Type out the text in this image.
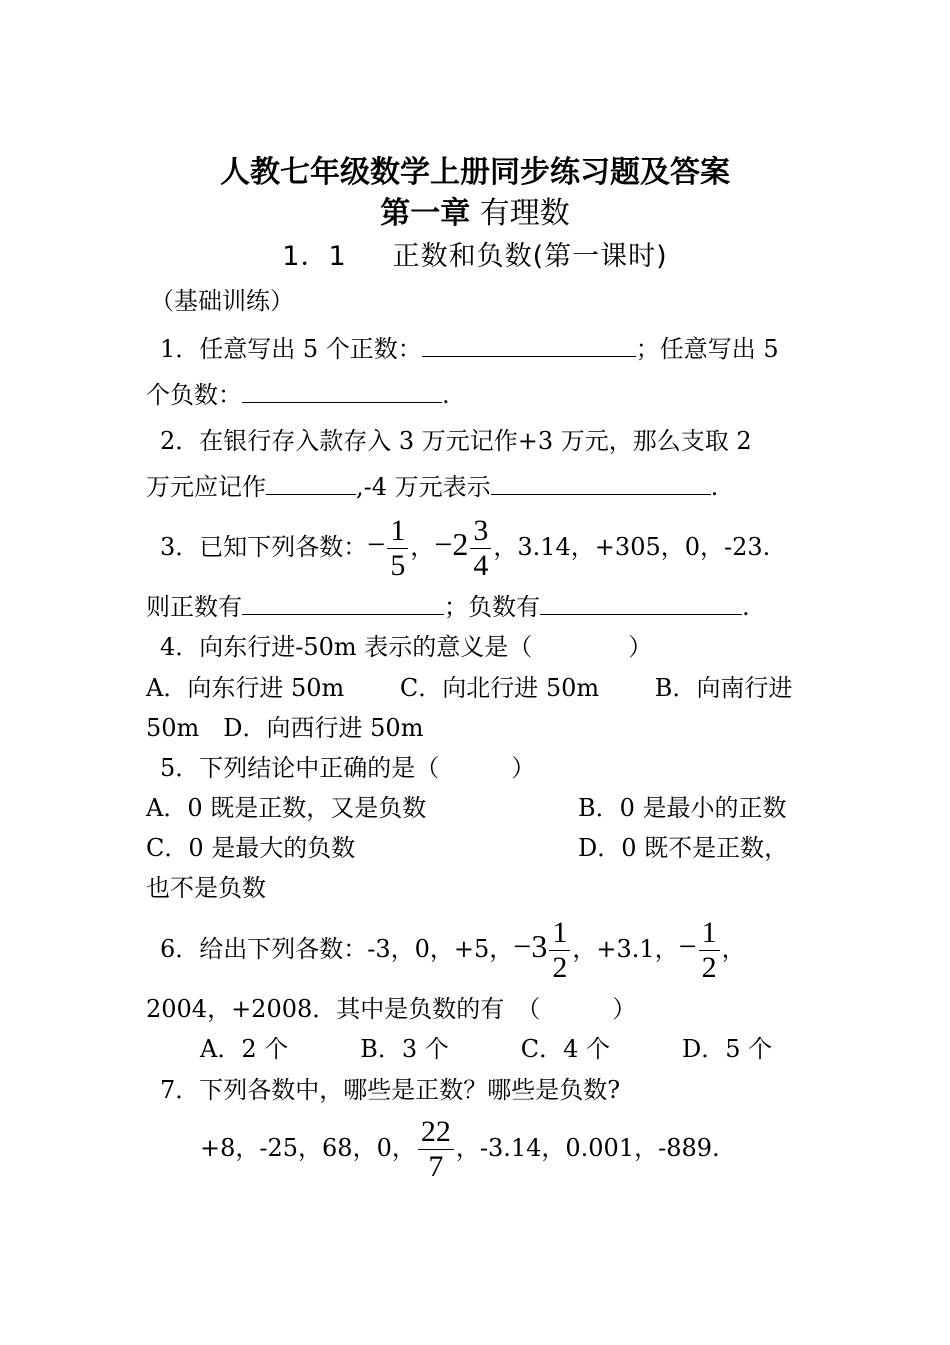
人教七年级数学上册同步练习题及答案
第一章 有理数
1．1 正数和负数(第一课时)
（基础训练）
1．任意写出 5 个正数：	；任意写出 5
个负数：	.
2．在银行存入款存入 3 万元记作+3 万元，那么支取 2
万元应记作	,-4 万元表示	.
3．已知下列各数：− $\frac{1}{5}$ ，$-2 \frac{3}{4}$ ，3.14，+305，0，-23.
则正数有	；负数有	.
4．向东行进-50m 表示的意义是（　　　　）
A．向东行进 50m　　 C．向北行进 50m　　 B．向南行进
50m　D．向西行进 50m
5．下列结论中正确的是（　　　）
A．0 既是正数，又是负数	B．0 是最小的正数
C．0 是最大的负数	D．0 既不是正数，
也不是负数
6．给出下列各数：-3，0，+5，$-3 \frac{1}{2}$ ，+3.1，− $\frac{1}{2}$ ，
2004，+2008．其中是负数的有　（　　　）
A．2 个　　　B．3 个　　　C．4 个　　　D．5 个
7．下列各数中，哪些是正数？哪些是负数?
+8，-25，68，0， $\frac{22}{7}$ ，-3.14，0.001，-889.
